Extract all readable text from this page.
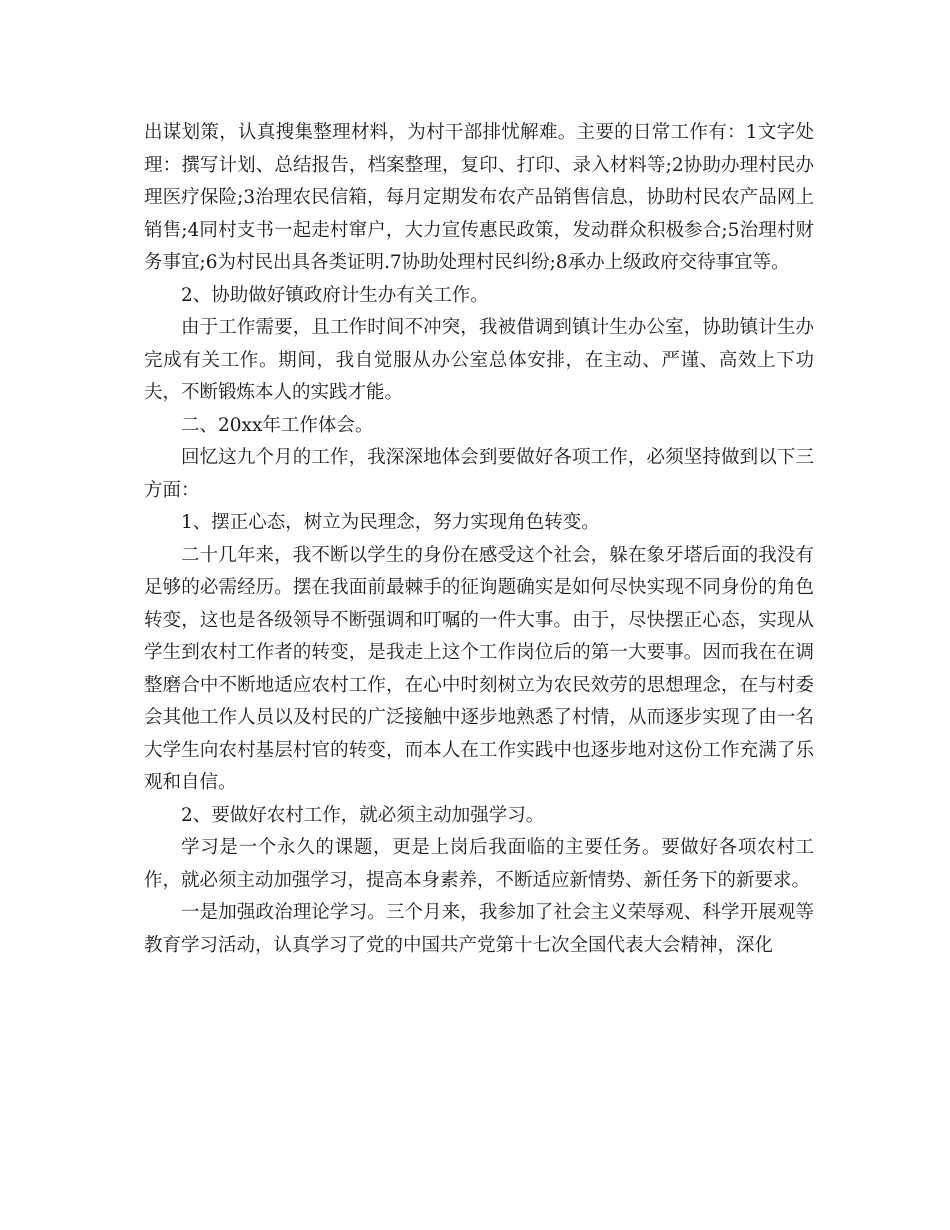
出谋划策，认真搜集整理材料，为村干部排忧解难。主要的日常工作有：1文字处理：撰写计划、总结报告，档案整理，复印、打印、录入材料等;2协助办理村民办理医疗保险;3治理农民信箱，每月定期发布农产品销售信息，协助村民农产品网上销售;4同村支书一起走村窜户，大力宣传惠民政策，发动群众积极参合;5治理村财务事宜;6为村民出具各类证明.7协助处理村民纠纷;8承办上级政府交待事宜等。

2、协助做好镇政府计生办有关工作。

由于工作需要，且工作时间不冲突，我被借调到镇计生办公室，协助镇计生办完成有关工作。期间，我自觉服从办公室总体安排，在主动、严谨、高效上下功夫，不断锻炼本人的实践才能。

二、20xx年工作体会。

回忆这九个月的工作，我深深地体会到要做好各项工作，必须坚持做到以下三方面：

1、摆正心态，树立为民理念，努力实现角色转变。

二十几年来，我不断以学生的身份在感受这个社会，躲在象牙塔后面的我没有足够的必需经历。摆在我面前最棘手的征询题确实是如何尽快实现不同身份的角色转变，这也是各级领导不断强调和叮嘱的一件大事。由于，尽快摆正心态，实现从学生到农村工作者的转变，是我走上这个工作岗位后的第一大要事。因而我在在调整磨合中不断地适应农村工作，在心中时刻树立为农民效劳的思想理念，在与村委会其他工作人员以及村民的广泛接触中逐步地熟悉了村情，从而逐步实现了由一名大学生向农村基层村官的转变，而本人在工作实践中也逐步地对这份工作充满了乐观和自信。

2、要做好农村工作，就必须主动加强学习。

学习是一个永久的课题，更是上岗后我面临的主要任务。要做好各项农村工作，就必须主动加强学习，提高本身素养，不断适应新情势、新任务下的新要求。

一是加强政治理论学习。三个月来，我参加了社会主义荣辱观、科学开展观等教育学习活动，认真学习了党的中国共产党第十七次全国代表大会精神，深化
